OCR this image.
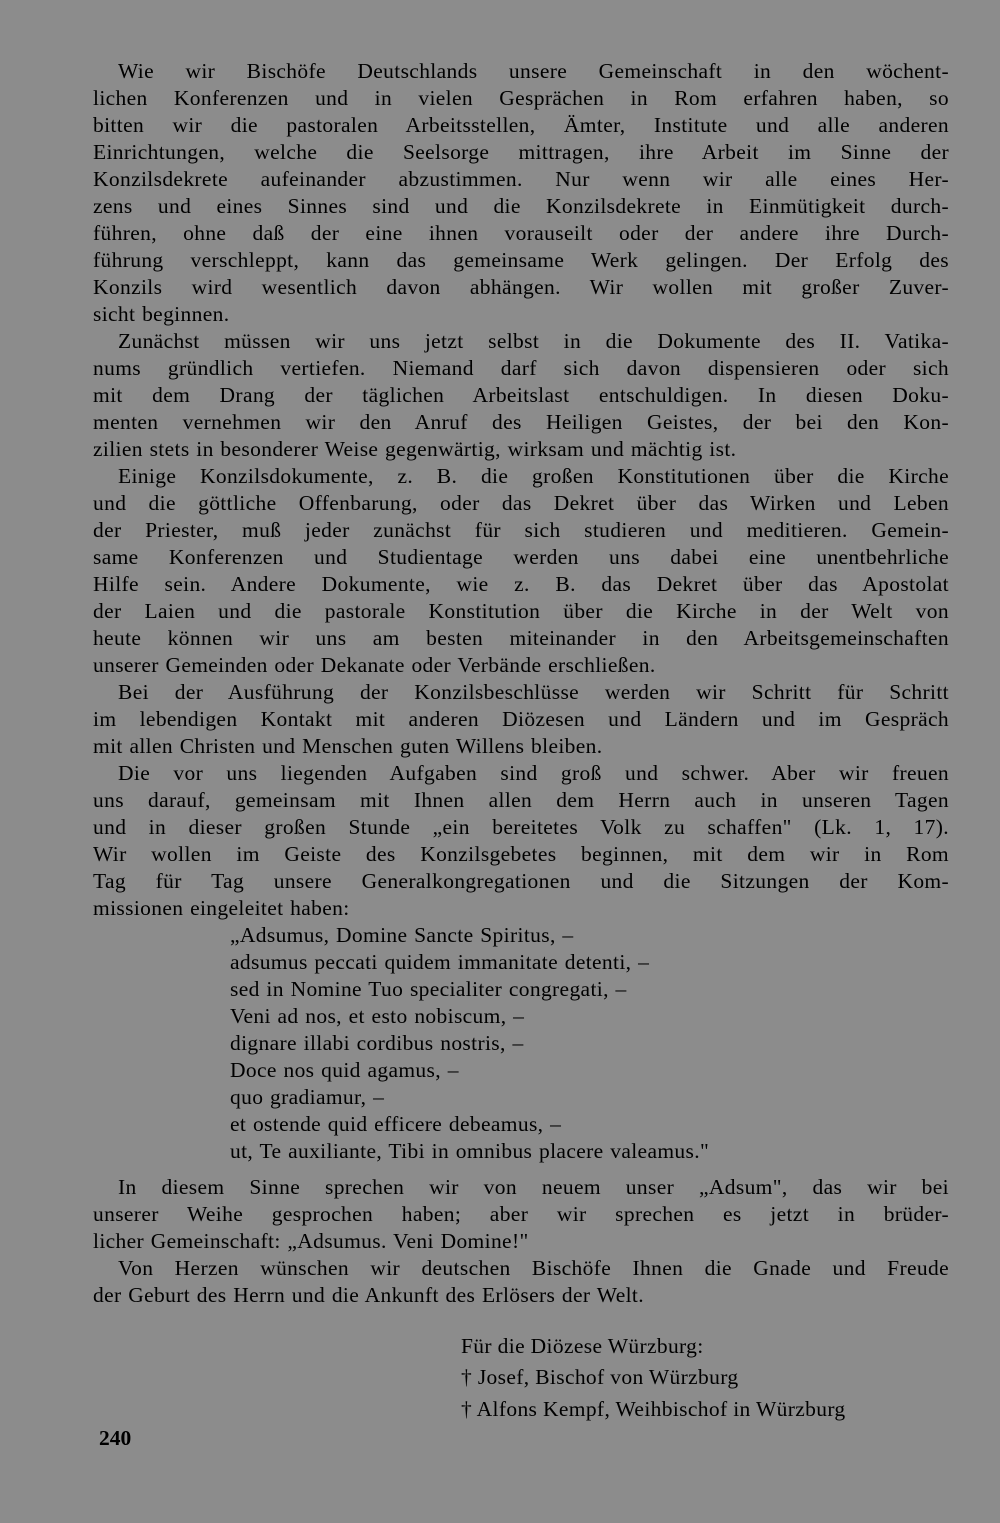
Wie wir Bischöfe Deutschlands unsere Gemeinschaft in den wöchent-
lichen Konferenzen und in vielen Gesprächen in Rom erfahren haben, so
bitten wir die pastoralen Arbeitsstellen, Ämter, Institute und alle anderen
Einrichtungen, welche die Seelsorge mittragen, ihre Arbeit im Sinne der
Konzilsdekrete aufeinander abzustimmen. Nur wenn wir alle eines Her-
zens und eines Sinnes sind und die Konzilsdekrete in Einmütigkeit durch-
führen, ohne daß der eine ihnen vorauseilt oder der andere ihre Durch-
führung verschleppt, kann das gemeinsame Werk gelingen. Der Erfolg des
Konzils wird wesentlich davon abhängen. Wir wollen mit großer Zuver-
sicht beginnen.
Zunächst müssen wir uns jetzt selbst in die Dokumente des II. Vatika-
nums gründlich vertiefen. Niemand darf sich davon dispensieren oder sich
mit dem Drang der täglichen Arbeitslast entschuldigen. In diesen Doku-
menten vernehmen wir den Anruf des Heiligen Geistes, der bei den Kon-
zilien stets in besonderer Weise gegenwärtig, wirksam und mächtig ist.
Einige Konzilsdokumente, z. B. die großen Konstitutionen über die Kirche
und die göttliche Offenbarung, oder das Dekret über das Wirken und Leben
der Priester, muß jeder zunächst für sich studieren und meditieren. Gemein-
same Konferenzen und Studientage werden uns dabei eine unentbehrliche
Hilfe sein. Andere Dokumente, wie z. B. das Dekret über das Apostolat
der Laien und die pastorale Konstitution über die Kirche in der Welt von
heute können wir uns am besten miteinander in den Arbeitsgemeinschaften
unserer Gemeinden oder Dekanate oder Verbände erschließen.
Bei der Ausführung der Konzilsbeschlüsse werden wir Schritt für Schritt
im lebendigen Kontakt mit anderen Diözesen und Ländern und im Gespräch
mit allen Christen und Menschen guten Willens bleiben.
Die vor uns liegenden Aufgaben sind groß und schwer. Aber wir freuen
uns darauf, gemeinsam mit Ihnen allen dem Herrn auch in unseren Tagen
und in dieser großen Stunde „ein bereitetes Volk zu schaffen" (Lk. 1, 17).
Wir wollen im Geiste des Konzilsgebetes beginnen, mit dem wir in Rom
Tag für Tag unsere Generalkongregationen und die Sitzungen der Kom-
missionen eingeleitet haben:
„Adsumus, Domine Sancte Spiritus, –
adsumus peccati quidem immanitate detenti, –
sed in Nomine Tuo specialiter congregati, –
Veni ad nos, et esto nobiscum, –
dignare illabi cordibus nostris, –
Doce nos quid agamus, –
quo gradiamur, –
et ostende quid efficere debeamus, –
ut, Te auxiliante, Tibi in omnibus placere valeamus."
In diesem Sinne sprechen wir von neuem unser „Adsum", das wir bei
unserer Weihe gesprochen haben; aber wir sprechen es jetzt in brüder-
licher Gemeinschaft: „Adsumus. Veni Domine!"
Von Herzen wünschen wir deutschen Bischöfe Ihnen die Gnade und Freude
der Geburt des Herrn und die Ankunft des Erlösers der Welt.
Für die Diözese Würzburg:
† Josef, Bischof von Würzburg
† Alfons Kempf, Weihbischof in Würzburg
240
